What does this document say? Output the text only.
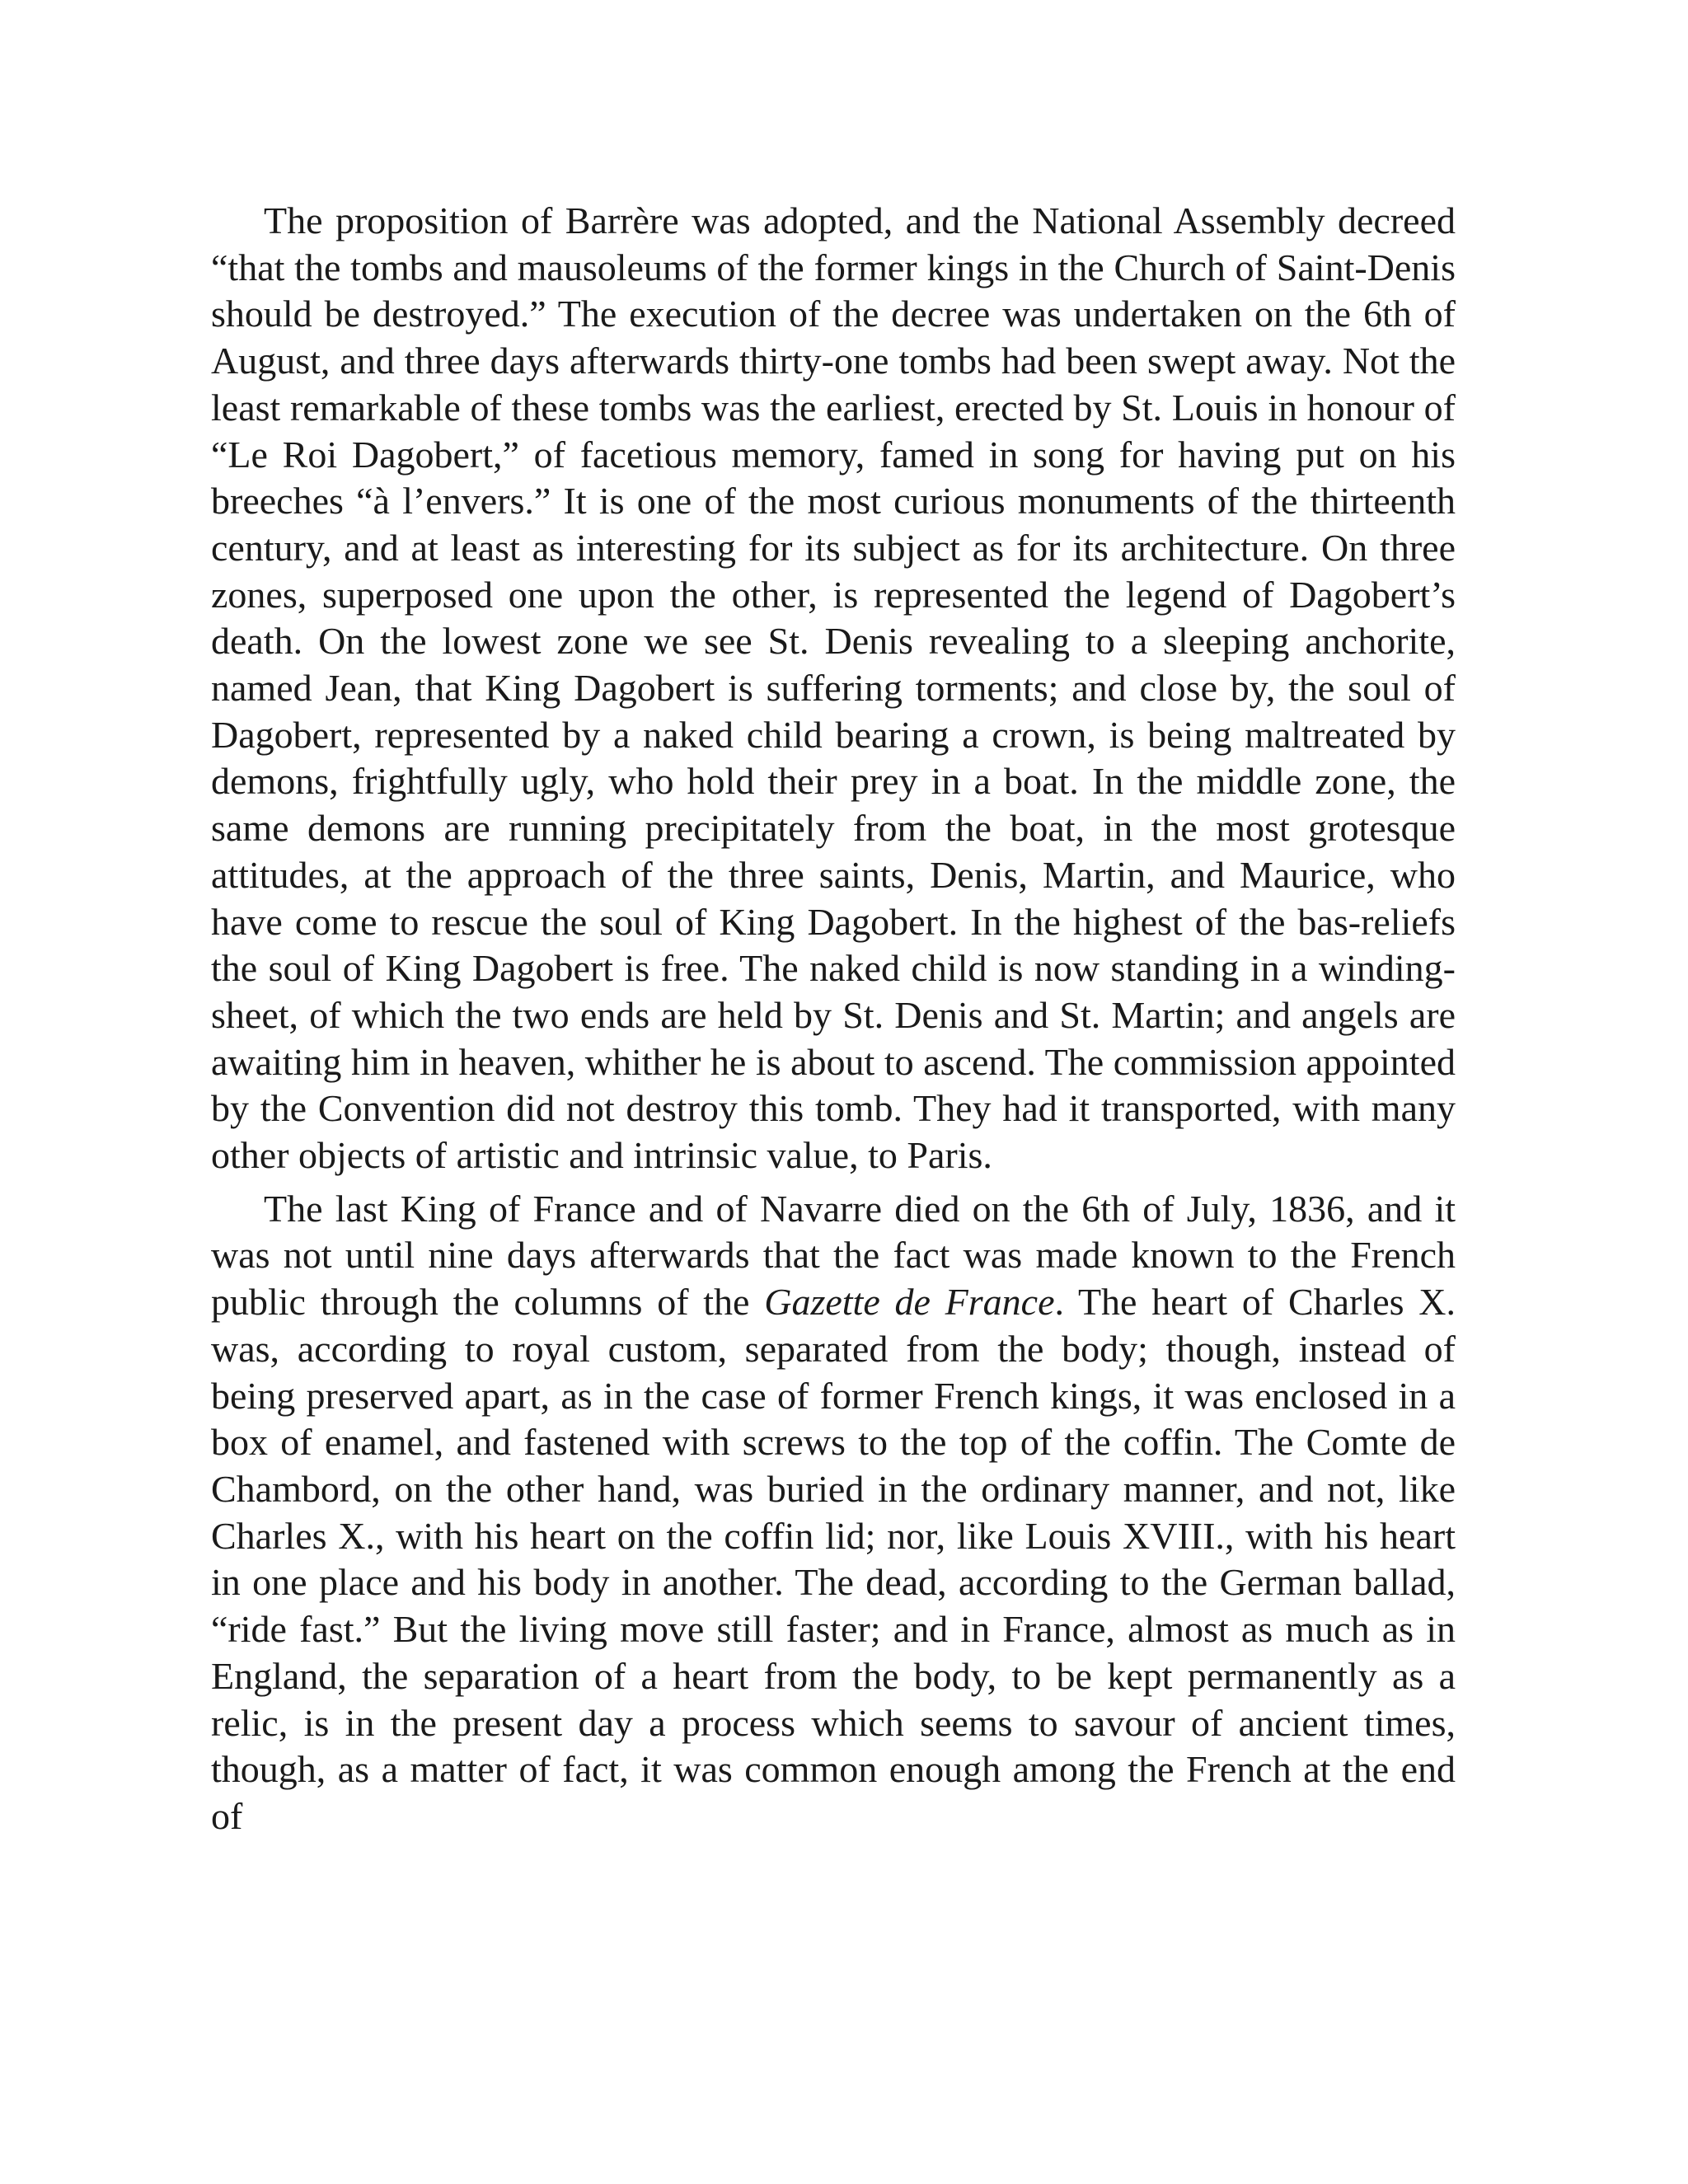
The proposition of Barrère was adopted, and the National Assembly decreed “that the tombs and mausoleums of the former kings in the Church of Saint-Denis should be destroyed.” The execution of the decree was undertaken on the 6th of August, and three days afterwards thirty-one tombs had been swept away. Not the least remarkable of these tombs was the earliest, erected by St. Louis in honour of “Le Roi Dagobert,” of facetious memory, famed in song for having put on his breeches “à l’envers.” It is one of the most curious monuments of the thirteenth century, and at least as interesting for its subject as for its architecture. On three zones, superposed one upon the other, is represented the legend of Dagobert’s death. On the lowest zone we see St. Denis revealing to a sleeping anchorite, named Jean, that King Dagobert is suffering torments; and close by, the soul of Dagobert, represented by a naked child bearing a crown, is being maltreated by demons, frightfully ugly, who hold their prey in a boat. In the middle zone, the same demons are running precipitately from the boat, in the most grotesque attitudes, at the approach of the three saints, Denis, Martin, and Maurice, who have come to rescue the soul of King Dagobert. In the highest of the bas-reliefs the soul of King Dagobert is free. The naked child is now standing in a winding-sheet, of which the two ends are held by St. Denis and St. Martin; and angels are awaiting him in heaven, whither he is about to ascend. The commission appointed by the Convention did not destroy this tomb. They had it transported, with many other objects of artistic and intrinsic value, to Paris.

The last King of France and of Navarre died on the 6th of July, 1836, and it was not until nine days afterwards that the fact was made known to the French public through the columns of the Gazette de France. The heart of Charles X. was, according to royal custom, separated from the body; though, instead of being preserved apart, as in the case of former French kings, it was enclosed in a box of enamel, and fastened with screws to the top of the coffin. The Comte de Chambord, on the other hand, was buried in the ordinary manner, and not, like Charles X., with his heart on the coffin lid; nor, like Louis XVIII., with his heart in one place and his body in another. The dead, according to the German ballad, “ride fast.” But the living move still faster; and in France, almost as much as in England, the separation of a heart from the body, to be kept permanently as a relic, is in the present day a process which seems to savour of ancient times, though, as a matter of fact, it was common enough among the French at the end of
